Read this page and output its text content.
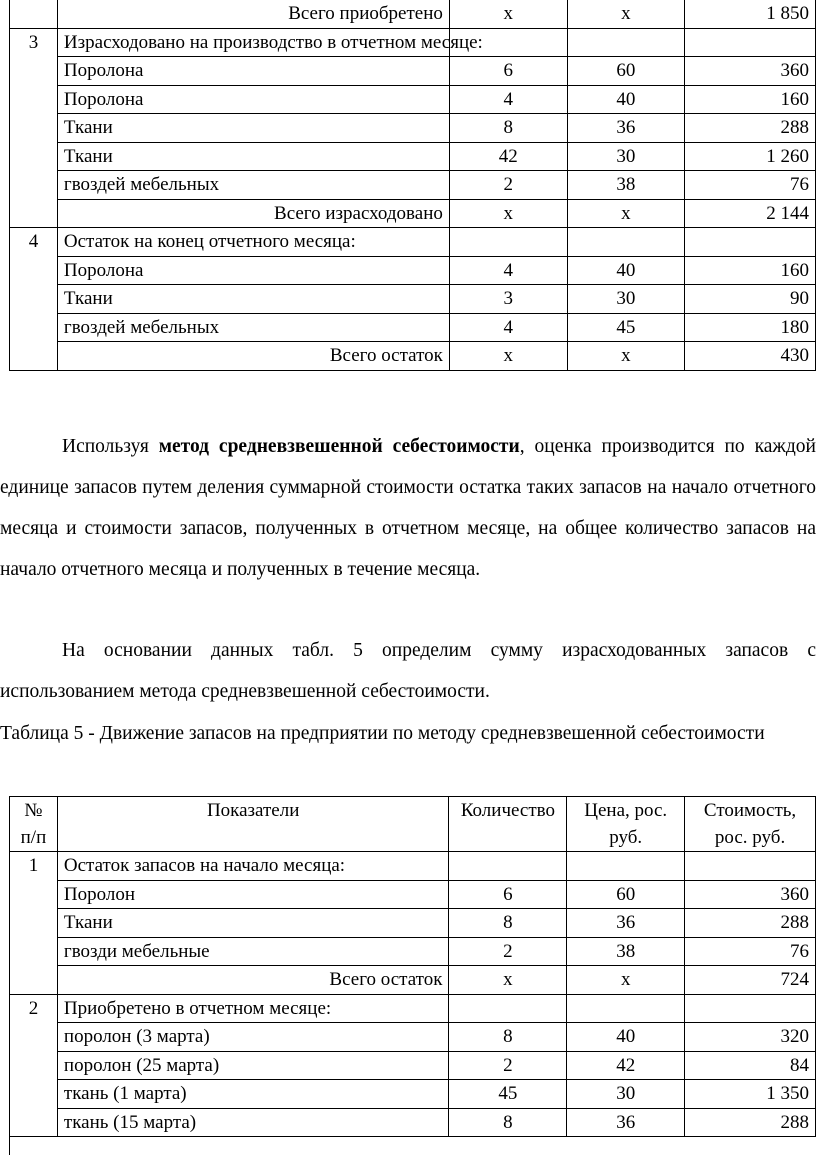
	Всего приобретено	х	х	1 850
3	Израсходовано на производство в отчетном месяце:			
	Поролона	6	60	360
	Поролона	4	40	160
	Ткани	8	36	288
	Ткани	42	30	1 260
	гвоздей мебельных	2	38	76
	Всего израсходовано	х	х	2 144
4	Остаток на конец отчетного месяца:			
	Поролона	4	40	160
	Ткани	3	30	90
	гвоздей мебельных	4	45	180
	Всего остаток	х	х	430
Используя метод средневзвешенной себестоимости, оценка производится по каждой единице запасов путем деления суммарной стоимости остатка таких запасов на начало отчетного месяца и стоимости запасов, полученных в отчетном месяце, на общее количество запасов на начало отчетного месяца и полученных в течение месяца.
На основании данных табл. 5 определим сумму израсходованных запасов с использованием метода средневзвешенной себестоимости.
Таблица 5 - Движение запасов на предприятии по методу средневзвешенной себестоимости
№ п/п	Показатели	Количество	Цена, рос. руб.	Стоимость, рос. руб.
1	Остаток запасов на начало месяца:			
	Поролон	6	60	360
	Ткани	8	36	288
	гвозди мебельные	2	38	76
	Всего остаток	х	х	724
2	Приобретено в отчетном месяце:			
	поролон (3 марта)	8	40	320
	поролон (25 марта)	2	42	84
	ткань (1 марта)	45	30	1 350
	ткань (15 марта)	8	36	288
